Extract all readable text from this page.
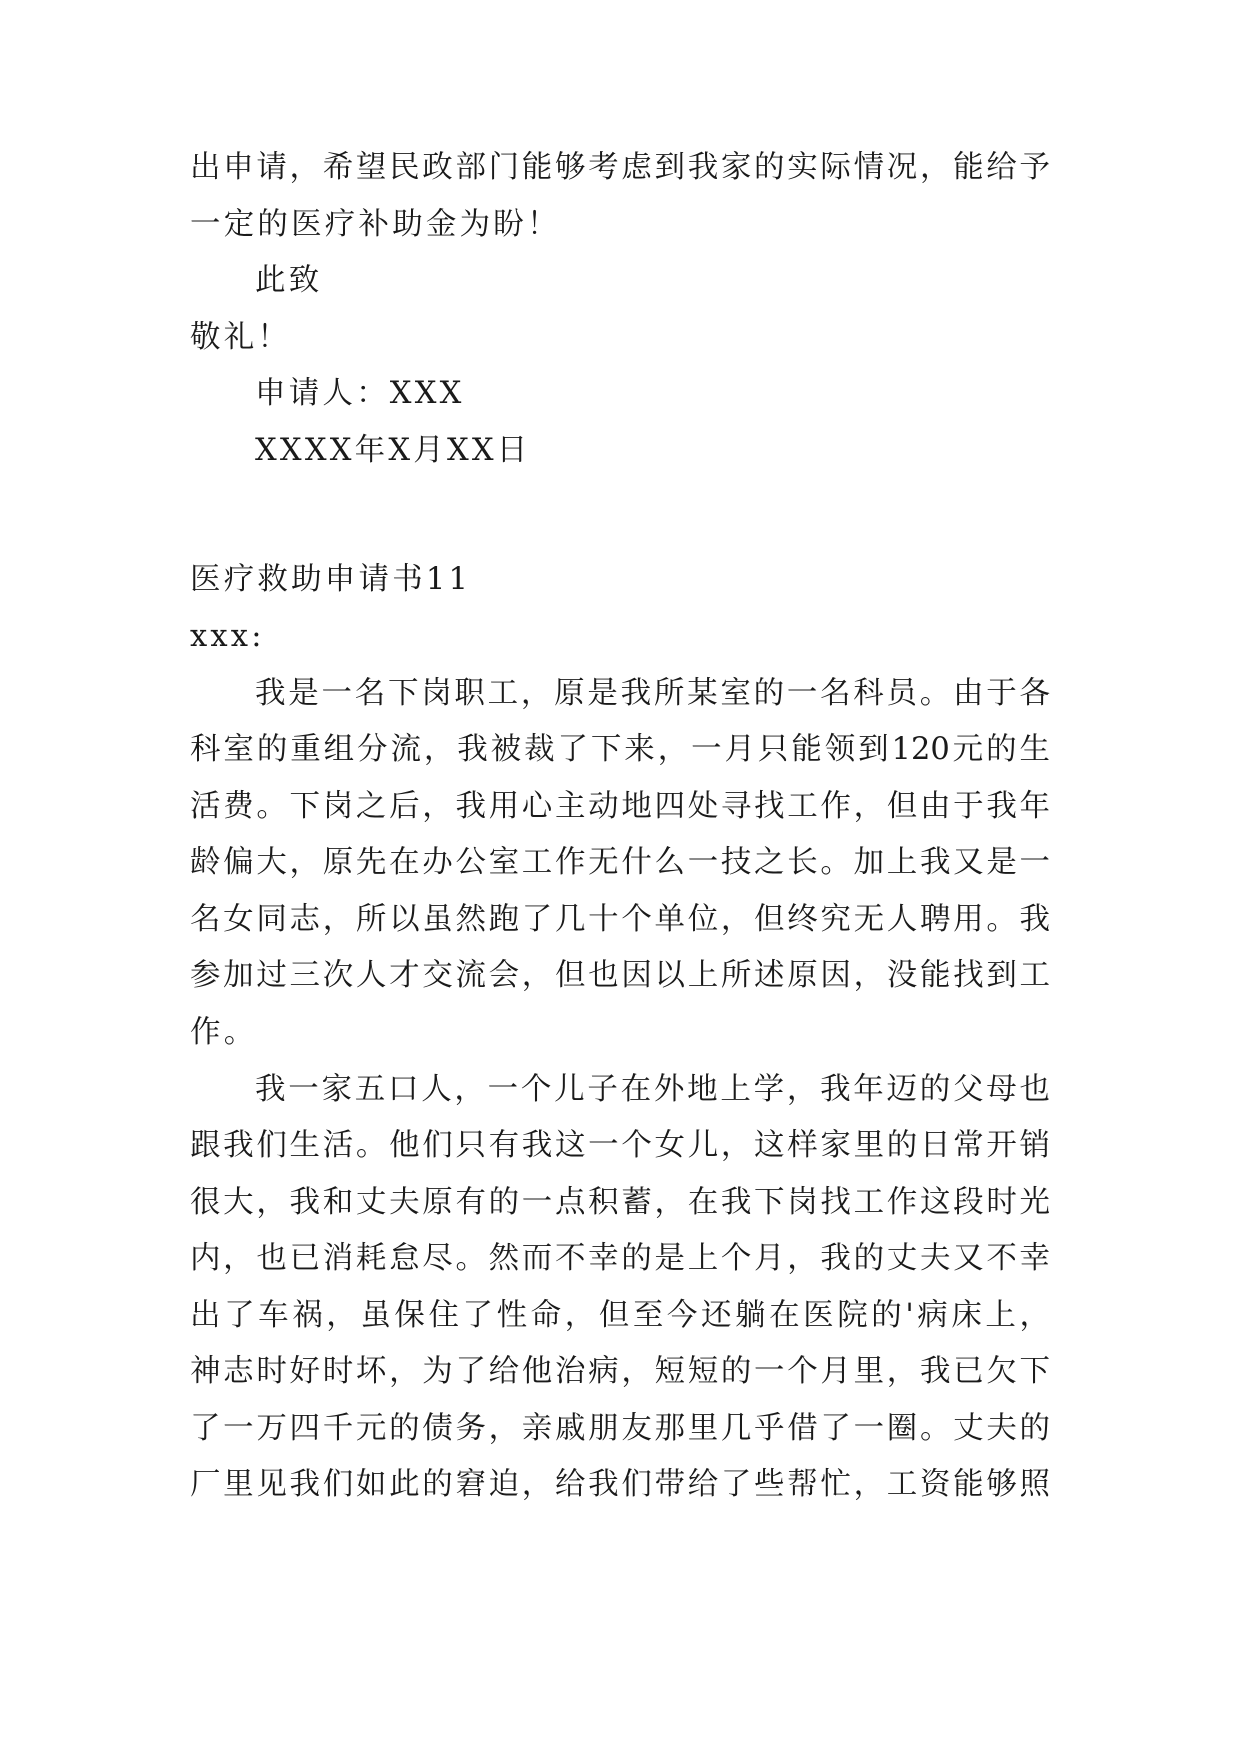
出申请，希望民政部门能够考虑到我家的实际情况，能给予
一定的医疗补助金为盼！
此致
敬礼！
申请人：XXX
XXXX年X月XX日
医疗救助申请书11
xxx:
我是一名下岗职工，原是我所某室的一名科员。由于各
科室的重组分流，我被裁了下来，一月只能领到120元的生
活费。下岗之后，我用心主动地四处寻找工作，但由于我年
龄偏大，原先在办公室工作无什么一技之长。加上我又是一
名女同志，所以虽然跑了几十个单位，但终究无人聘用。我
参加过三次人才交流会，但也因以上所述原因，没能找到工
作。
我一家五口人，一个儿子在外地上学，我年迈的父母也
跟我们生活。他们只有我这一个女儿，这样家里的日常开销
很大，我和丈夫原有的一点积蓄，在我下岗找工作这段时光
内，也已消耗怠尽。然而不幸的是上个月，我的丈夫又不幸
出了车祸，虽保住了性命，但至今还躺在医院的'病床上，
神志时好时坏，为了给他治病，短短的一个月里，我已欠下
了一万四千元的债务，亲戚朋友那里几乎借了一圈。丈夫的
厂里见我们如此的窘迫，给我们带给了些帮忙，工资能够照
